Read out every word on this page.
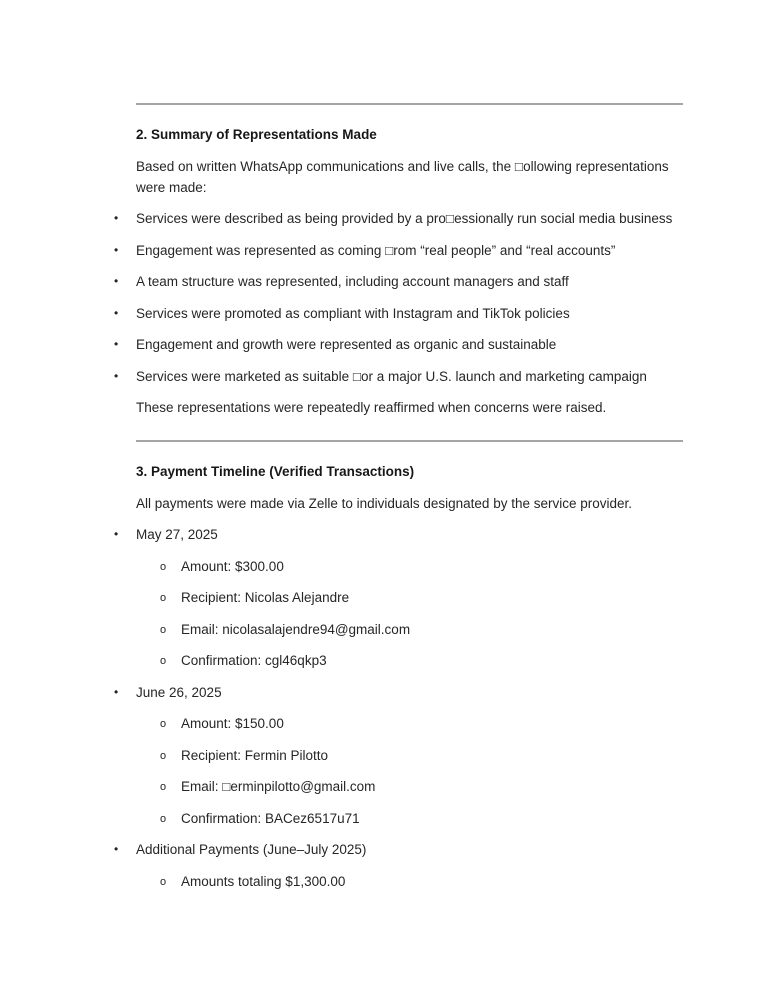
2. Summary of Representations Made

Based on written WhatsApp communications and live calls, the □ollowing representations were made:

• Services were described as being provided by a pro□essionally run social media business
• Engagement was represented as coming □rom “real people” and “real accounts”
• A team structure was represented, including account managers and staff
• Services were promoted as compliant with Instagram and TikTok policies
• Engagement and growth were represented as organic and sustainable
• Services were marketed as suitable □or a major U.S. launch and marketing campaign

These representations were repeatedly reaffirmed when concerns were raised.

3. Payment Timeline (Verified Transactions)

All payments were made via Zelle to individuals designated by the service provider.

• May 27, 2025
o Amount: $300.00
o Recipient: Nicolas Alejandre
o Email: nicolasalajendre94@gmail.com
o Confirmation: cgl46qkp3
• June 26, 2025
o Amount: $150.00
o Recipient: Fermin Pilotto
o Email: □erminpilotto@gmail.com
o Confirmation: BACez6517u71
• Additional Payments (June–July 2025)
o Amounts totaling $1,300.00
